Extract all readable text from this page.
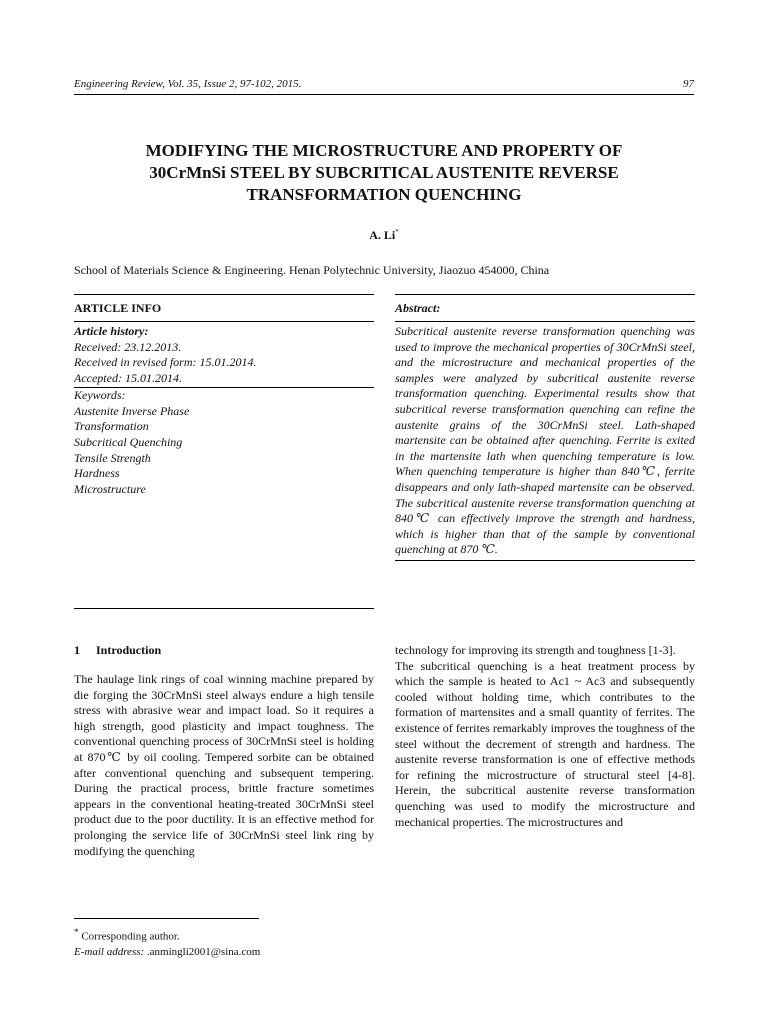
Engineering Review, Vol. 35, Issue 2, 97-102, 2015.	97
MODIFYING THE MICROSTRUCTURE AND PROPERTY OF
30CrMnSi STEEL BY SUBCRITICAL AUSTENITE REVERSE
TRANSFORMATION QUENCHING
A. Li*
School of Materials Science & Engineering. Henan Polytechnic University, Jiaozuo 454000, China
ARTICLE INFO
Article history:
Received: 23.12.2013.
Received in revised form: 15.01.2014.
Accepted: 15.01.2014.
Keywords:
Austenite Inverse Phase
Transformation
Subcritical Quenching
Tensile Strength
Hardness
Microstructure
Abstract:
Subcritical austenite reverse transformation quenching was used to improve the mechanical properties of 30CrMnSi steel, and the microstructure and mechanical properties of the samples were analyzed by subcritical austenite reverse transformation quenching. Experimental results show that subcritical reverse transformation quenching can refine the austenite grains of the 30CrMnSi steel. Lath-shaped martensite can be obtained after quenching. Ferrite is exited in the martensite lath when quenching temperature is low. When quenching temperature is higher than 840℃, ferrite disappears and only lath-shaped martensite can be observed. The subcritical austenite reverse transformation quenching at 840℃ can effectively improve the strength and hardness, which is higher than that of the sample by conventional quenching at 870 ℃.
1 Introduction

The haulage link rings of coal winning machine prepared by die forging the 30CrMnSi steel always endure a high tensile stress with abrasive wear and impact load. So it requires a high strength, good plasticity and impact toughness. The conventional quenching process of 30CrMnSi steel is holding at 870℃ by oil cooling. Tempered sorbite can be obtained after conventional quenching and subsequent tempering. During the practical process, brittle fracture sometimes appears in the conventional heating-treated 30CrMnSi steel product due to the poor ductility. It is an effective method for prolonging the service life of 30CrMnSi steel link ring by modifying the quenching

technology for improving its strength and toughness [1-3].

The subcritical quenching is a heat treatment process by which the sample is heated to Ac1 ~ Ac3 and subsequently cooled without holding time, which contributes to the formation of martensites and a small quantity of ferrites. The existence of ferrites remarkably improves the toughness of the steel without the decrement of strength and hardness. The austenite reverse transformation is one of effective methods for refining the microstructure of structural steel [4-8]. Herein, the subcritical austenite reverse transformation quenching was used to modify the microstructure and mechanical properties. The microstructures and

* Corresponding author.
E-mail address: .anmingli2001@sina.com
